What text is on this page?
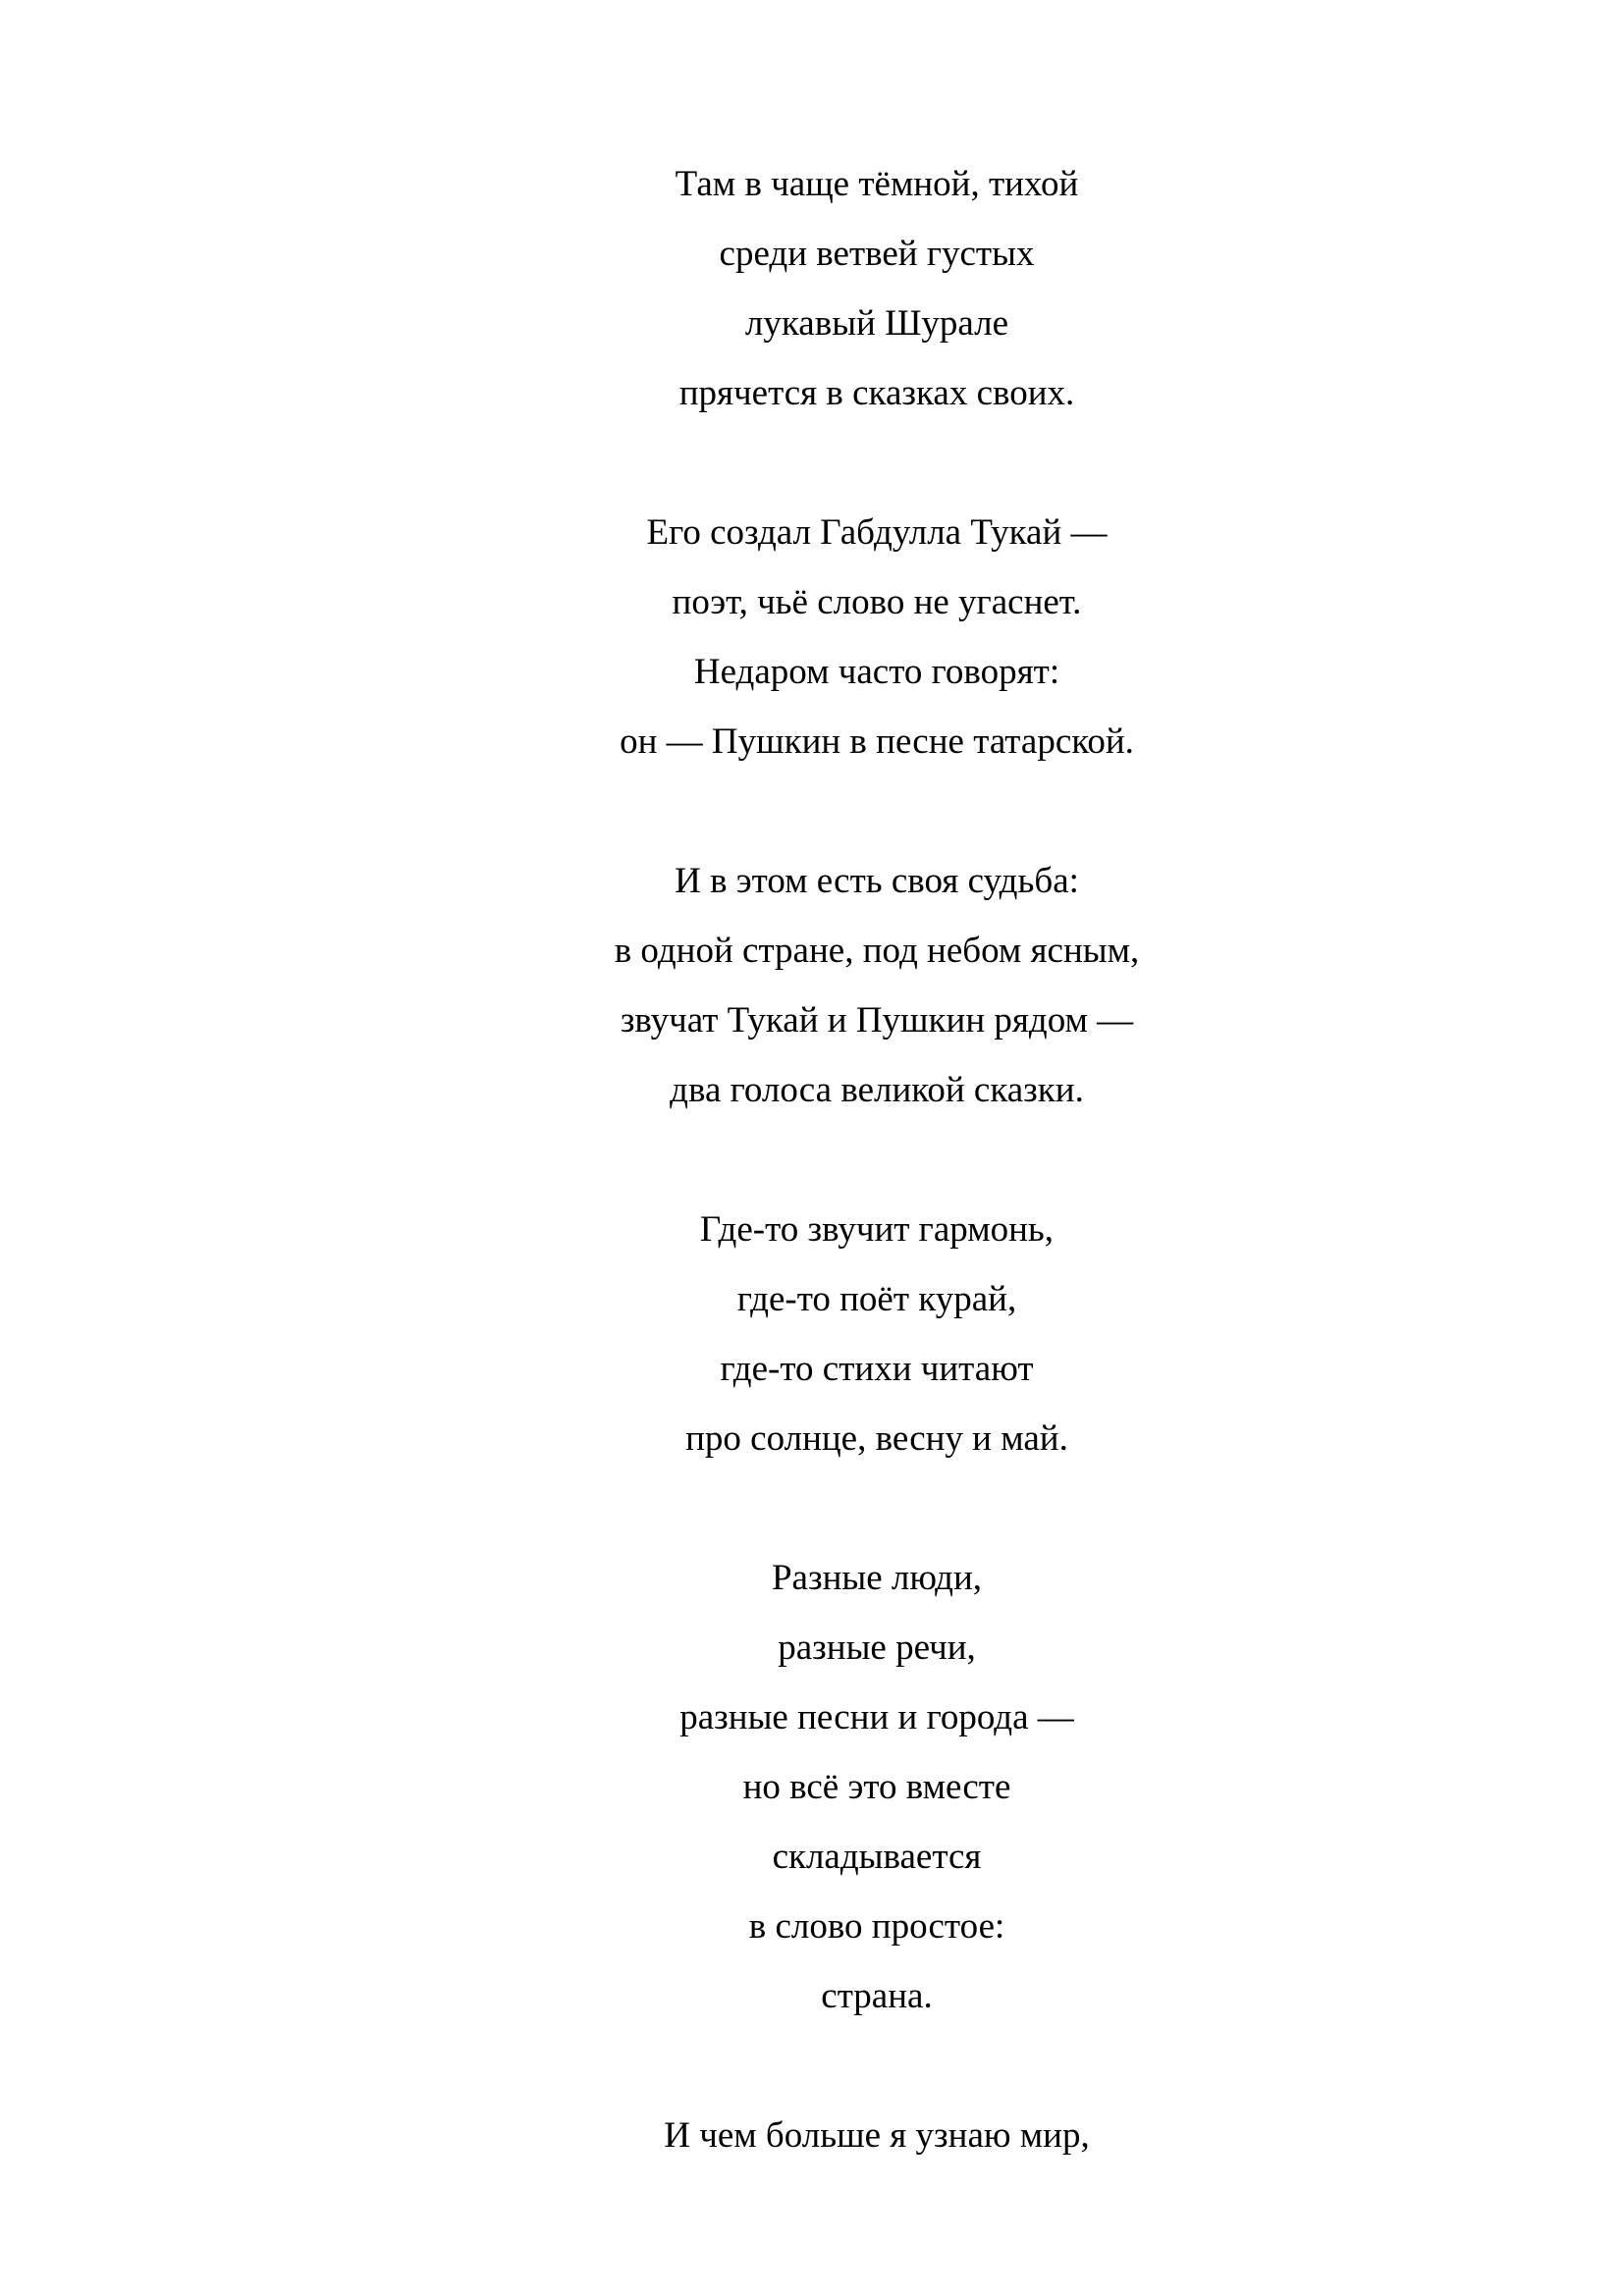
Там в чаще тёмной, тихой
среди ветвей густых
лукавый Шурале
прячется в сказках своих.
Его создал Габдулла Тукай —
поэт, чьё слово не угаснет.
Недаром часто говорят:
он — Пушкин в песне татарской.
И в этом есть своя судьба:
в одной стране, под небом ясным,
звучат Тукай и Пушкин рядом —
два голоса великой сказки.
Где-то звучит гармонь,
где-то поёт курай,
где-то стихи читают
про солнце, весну и май.
Разные люди,
разные речи,
разные песни и города —
но всё это вместе
складывается
в слово простое:
страна.
И чем больше я узнаю мир,
